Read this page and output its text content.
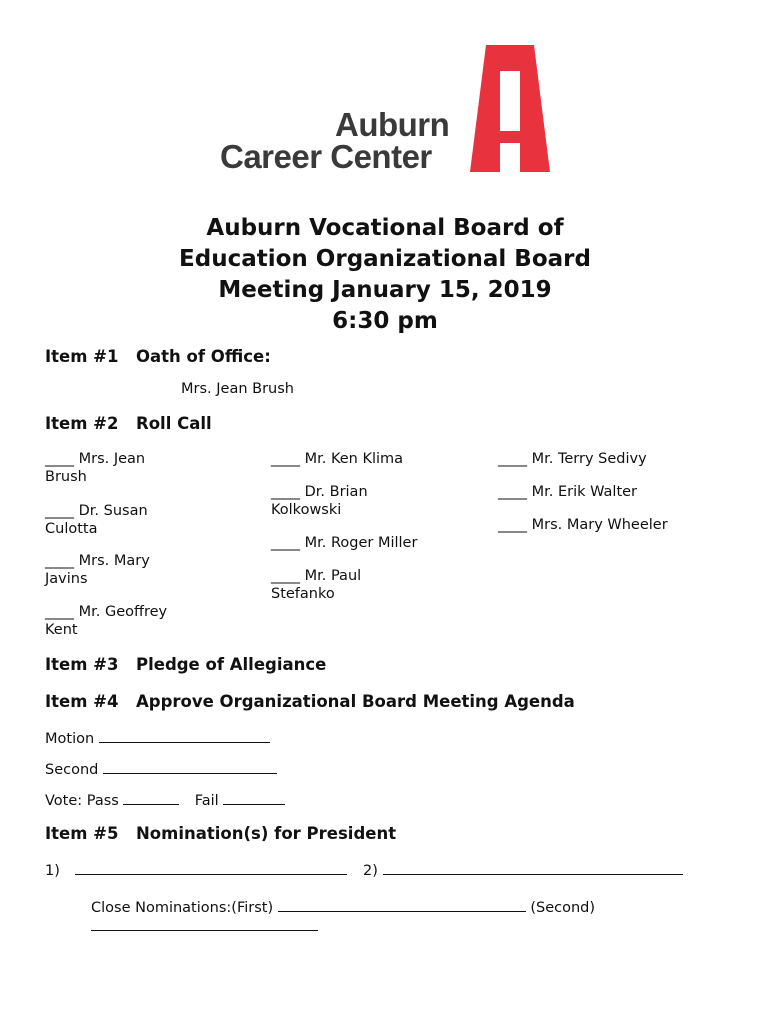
Auburn
Career Center
Auburn Vocational Board of
Education Organizational Board
Meeting January 15, 2019
6:30 pm
Item #1 Oath of Office:
Mrs. Jean Brush
Item #2 Roll Call
____ Mrs. Jean Brush
____ Dr. Susan Culotta
____ Mrs. Mary Javins
____ Mr. Geoffrey Kent
____ Mr. Ken Klima
____ Dr. Brian Kolkowski
____ Mr. Roger Miller
____ Mr. Paul Stefanko
____ Mr. Terry Sedivy
____ Mr. Erik Walter
____ Mrs. Mary Wheeler
Item #3 Pledge of Allegiance
Item #4 Approve Organizational Board Meeting Agenda
Motion
Second
Vote: Pass	Fail
Item #5 Nomination(s) for President
1)	2)
Close Nominations:(First)	(Second)
